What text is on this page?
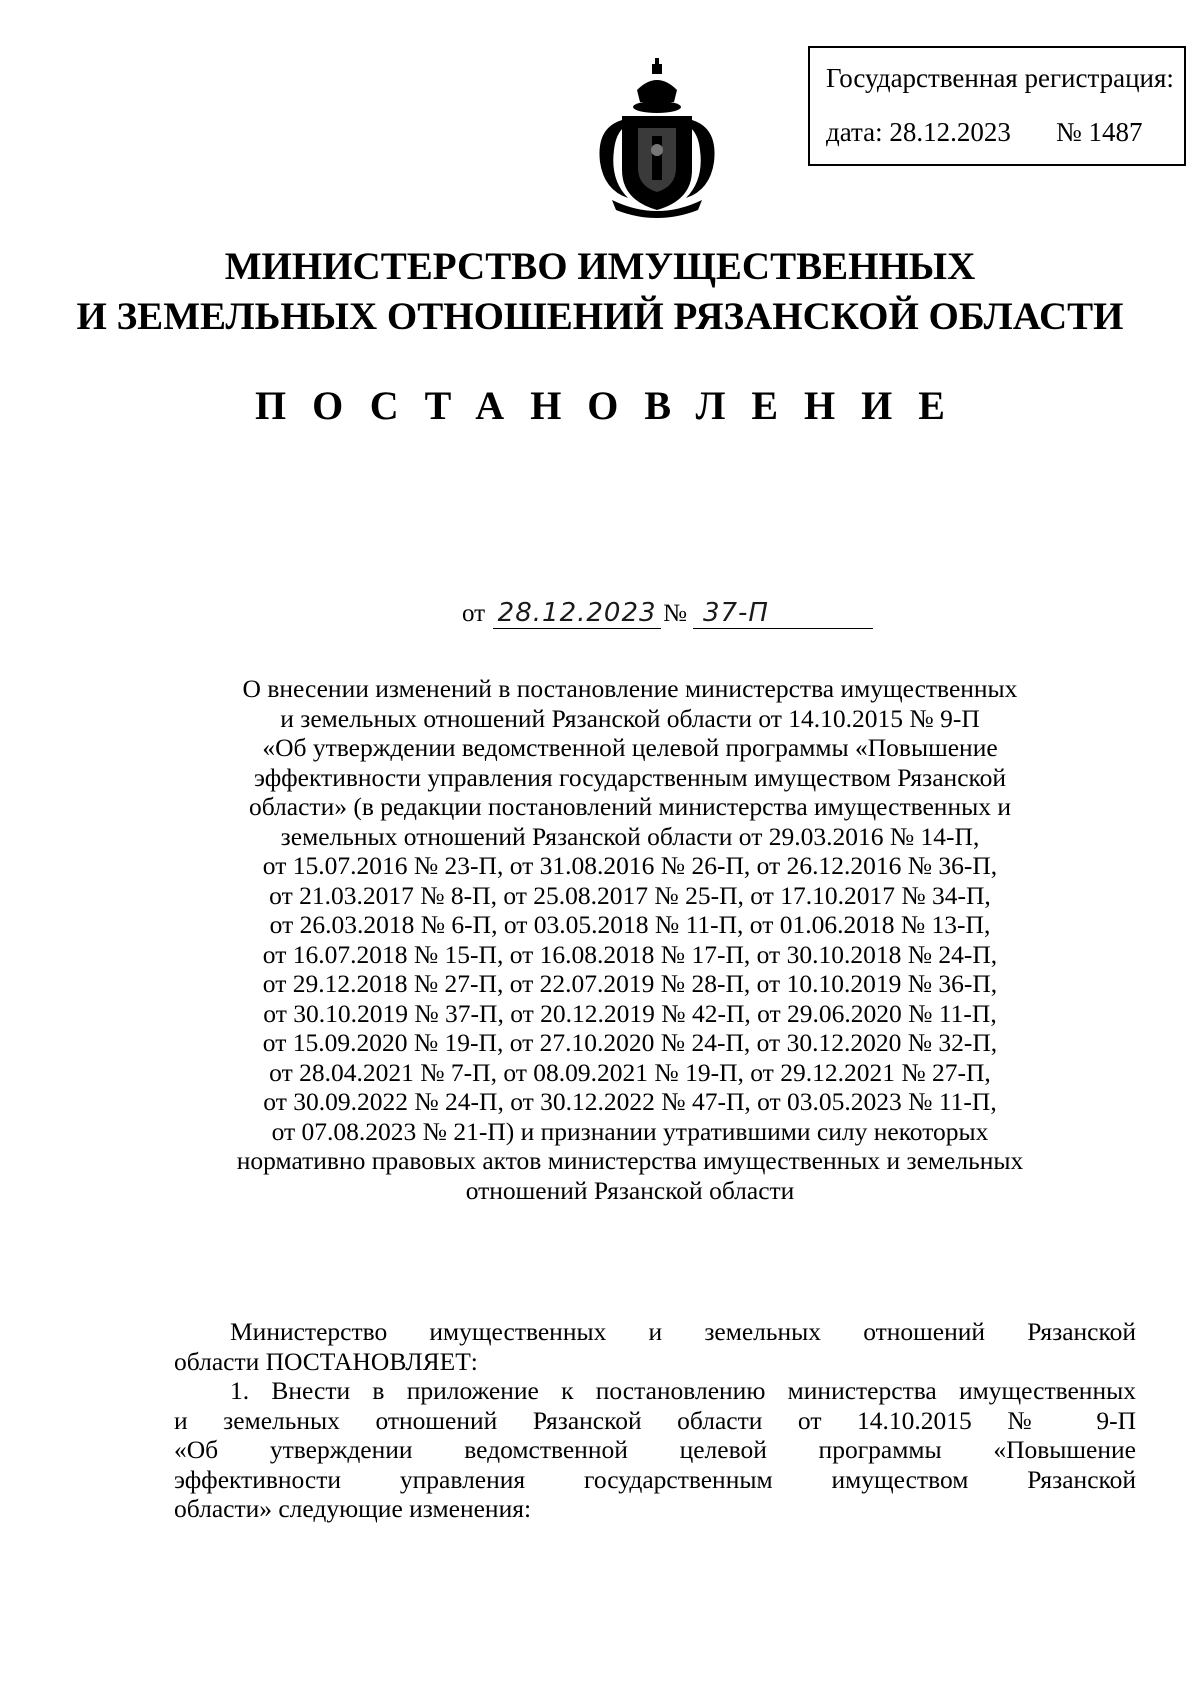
Государственная регистрация:
дата: 28.12.2023	№ 1487
МИНИСТЕРСТВО ИМУЩЕСТВЕННЫХ
И ЗЕМЕЛЬНЫХ ОТНОШЕНИЙ РЯЗАНСКОЙ ОБЛАСТИ
ПОСТАНОВЛЕНИЕ
от 28.12.2023 № 37-П
О внесении изменений в постановление министерства имущественных
и земельных отношений Рязанской области от 14.10.2015 № 9-П
«Об утверждении ведомственной целевой программы «Повышение
эффективности управления государственным имуществом Рязанской
области» (в редакции постановлений министерства имущественных и
земельных отношений Рязанской области от 29.03.2016 № 14-П,
от 15.07.2016 № 23-П, от 31.08.2016 № 26-П, от 26.12.2016 № 36-П,
от 21.03.2017 № 8-П, от 25.08.2017 № 25-П, от 17.10.2017 № 34-П,
от 26.03.2018 № 6-П, от 03.05.2018 № 11-П, от 01.06.2018 № 13-П,
от 16.07.2018 № 15-П, от 16.08.2018 № 17-П, от 30.10.2018 № 24-П,
от 29.12.2018 № 27-П, от 22.07.2019 № 28-П, от 10.10.2019 № 36-П,
от 30.10.2019 № 37-П, от 20.12.2019 № 42-П, от 29.06.2020 № 11-П,
от 15.09.2020 № 19-П, от 27.10.2020 № 24-П, от 30.12.2020 № 32-П,
от 28.04.2021 № 7-П, от 08.09.2021 № 19-П, от 29.12.2021 № 27-П,
от 30.09.2022 № 24-П, от 30.12.2022 № 47-П, от 03.05.2023 № 11-П,
от 07.08.2023 № 21-П) и признании утратившими силу некоторых
нормативно правовых актов министерства имущественных и земельных
отношений Рязанской области
Министерство имущественных и земельных отношений Рязанской
области ПОСТАНОВЛЯЕТ:
1. Внести в приложение к постановлению министерства имущественных
и земельных отношений Рязанской области от 14.10.2015 № 9-П
«Об утверждении ведомственной целевой программы «Повышение
эффективности управления государственным имуществом Рязанской
области» следующие изменения:
